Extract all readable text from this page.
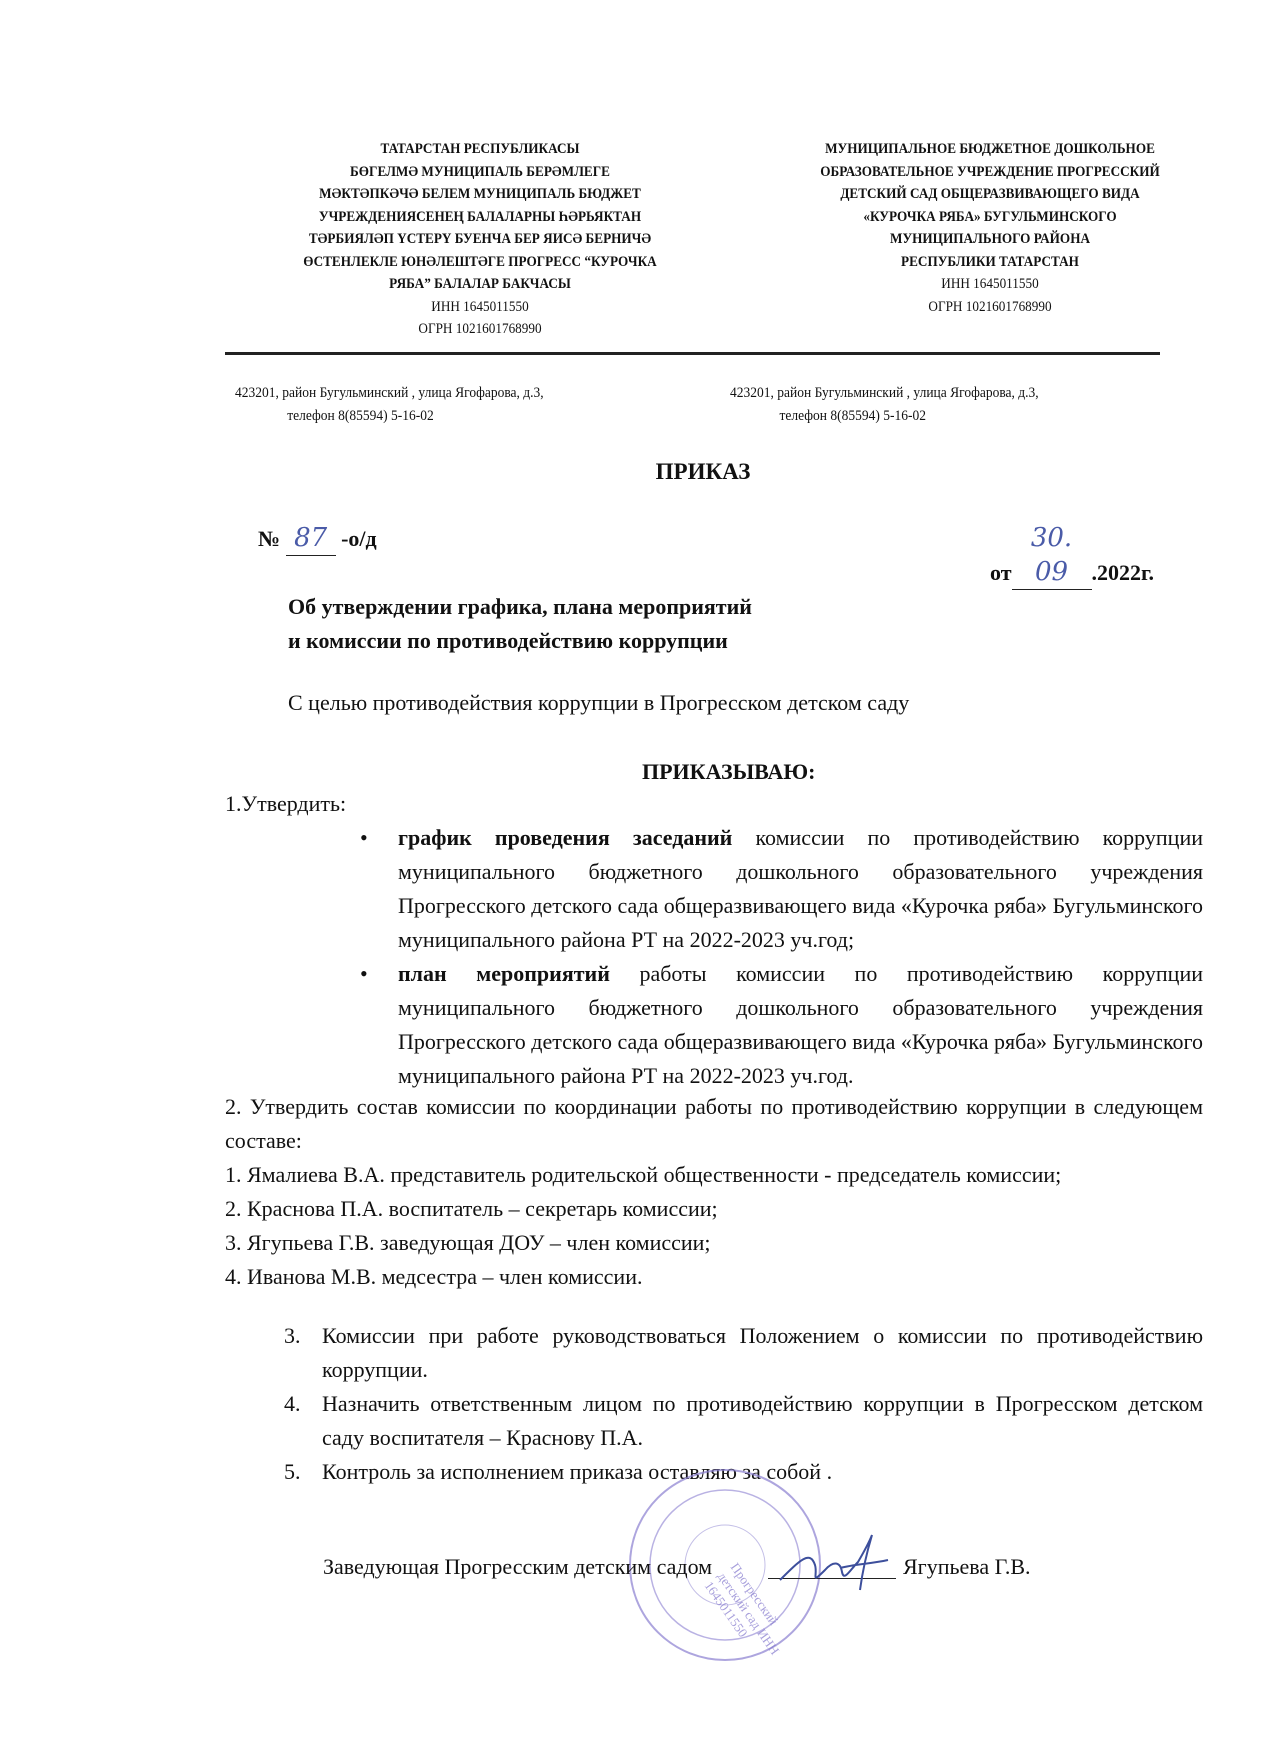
ТАТАРСТАН РЕСПУБЛИКАСЫ
БӨГЕЛМӘ МУНИЦИПАЛЬ БЕРӘМЛЕГЕ
МӘКТӘПКӘЧӘ БЕЛЕМ МУНИЦИПАЛЬ БЮДЖЕТ
УЧРЕЖДЕНИЯСЕНЕҢ БАЛАЛАРНЫ ҺӘРЬЯКТАН
ТӘРБИЯЛӘП ҮСТЕРҮ БУЕНЧА БЕР ЯИСӘ БЕРНИЧӘ
ӨСТЕНЛЕКЛЕ ЮНӘЛЕШТӘГЕ ПРОГРЕСС “КУРОЧКА
РЯБА” БАЛАЛАР БАКЧАСЫ
ИНН 1645011550
ОГРН 1021601768990
МУНИЦИПАЛЬНОЕ БЮДЖЕТНОЕ ДОШКОЛЬНОЕ
ОБРАЗОВАТЕЛЬНОЕ УЧРЕЖДЕНИЕ ПРОГРЕССКИЙ
ДЕТСКИЙ САД ОБЩЕРАЗВИВАЮЩЕГО ВИДА
«КУРОЧКА РЯБА» БУГУЛЬМИНСКОГО
МУНИЦИПАЛЬНОГО РАЙОНА
РЕСПУБЛИКИ ТАТАРСТАН
ИНН 1645011550
ОГРН 1021601768990
423201, район Бугульминский , улица Ягофарова, д.3,
телефон 8(85594) 5-16-02
423201, район Бугульминский , улица Ягофарова, д.3,
телефон 8(85594) 5-16-02
ПРИКАЗ
№ 87 -о/д
от30. 09 .2022г.
Об утверждении графика, плана мероприятий
и комиссии по противодействию коррупции
С целью противодействия коррупции в Прогресском детском саду
ПРИКАЗЫВАЮ:
1.Утвердить:
• график проведения заседаний комиссии по противодействию коррупции муниципального бюджетного дошкольного образовательного учреждения Прогресского детского сада общеразвивающего вида «Курочка ряба» Бугульминского муниципального района РТ на 2022-2023 уч.год;
• план мероприятий работы комиссии по противодействию коррупции муниципального бюджетного дошкольного образовательного учреждения Прогресского детского сада общеразвивающего вида «Курочка ряба» Бугульминского муниципального района РТ на 2022-2023 уч.год.
2. Утвердить состав комиссии по координации работы по противодействию коррупции в следующем составе:
1. Ямалиева В.А. представитель родительской общественности - председатель комиссии;
2. Краснова П.А. воспитатель – секретарь комиссии;
3. Ягупьева Г.В. заведующая ДОУ – член комиссии;
4. Иванова М.В. медсестра – член комиссии.
3. Комиссии при работе руководствоваться Положением о комиссии по противодействию коррупции.
4. Назначить ответственным лицом по противодействию коррупции в Прогресском детском саду воспитателя – Краснову П.А.
5. Контроль за исполнением приказа оставляю за собой .
Прогресский детский сад ИНН 1645011550
Заведующая Прогресским детским садом	Ягупьева Г.В.
